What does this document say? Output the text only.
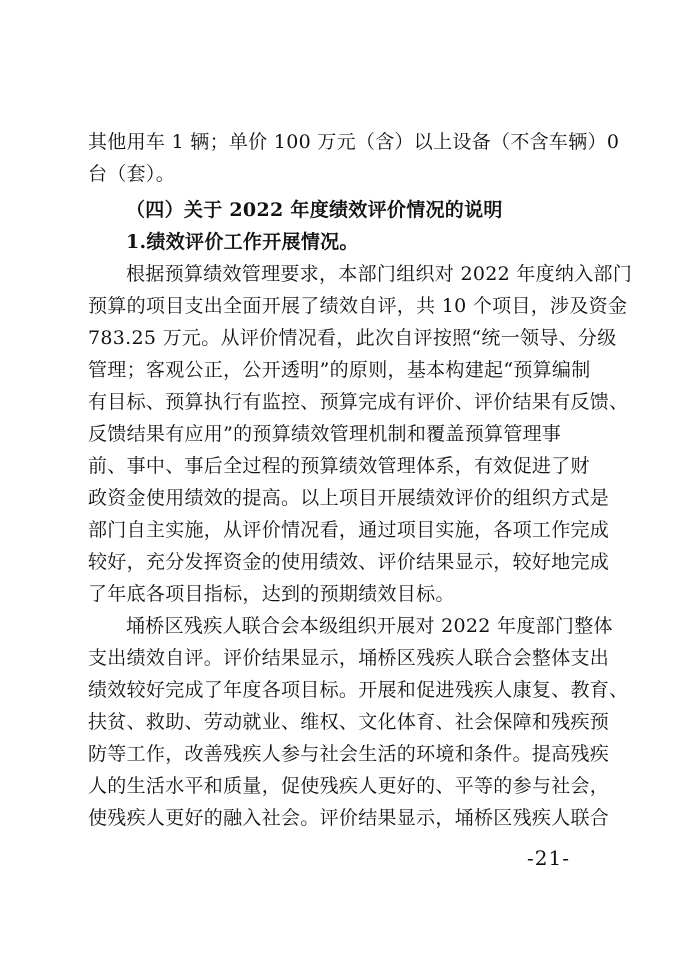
其他用车 1 辆；单价 100 万元（含）以上设备（不含车辆）0
台（套）。
（四）关于 2022 年度绩效评价情况的说明
1.绩效评价工作开展情况。
根据预算绩效管理要求，本部门组织对 2022 年度纳入部门
预算的项目支出全面开展了绩效自评，共 10 个项目，涉及资金
783.25 万元。从评价情况看，此次自评按照“统一领导、分级
管理；客观公正，公开透明”的原则，基本构建起“预算编制
有目标、预算执行有监控、预算完成有评价、评价结果有反馈、
反馈结果有应用”的预算绩效管理机制和覆盖预算管理事
前、事中、事后全过程的预算绩效管理体系，有效促进了财
政资金使用绩效的提高。以上项目开展绩效评价的组织方式是
部门自主实施，从评价情况看，通过项目实施，各项工作完成
较好，充分发挥资金的使用绩效、评价结果显示，较好地完成
了年底各项目指标，达到的预期绩效目标。
埇桥区残疾人联合会本级组织开展对 2022 年度部门整体
支出绩效自评。评价结果显示，埇桥区残疾人联合会整体支出
绩效较好完成了年度各项目标。开展和促进残疾人康复、教育、
扶贫、救助、劳动就业、维权、文化体育、社会保障和残疾预
防等工作，改善残疾人参与社会生活的环境和条件。提高残疾
人的生活水平和质量，促使残疾人更好的、平等的参与社会，
使残疾人更好的融入社会。评价结果显示，埇桥区残疾人联合
-21-
